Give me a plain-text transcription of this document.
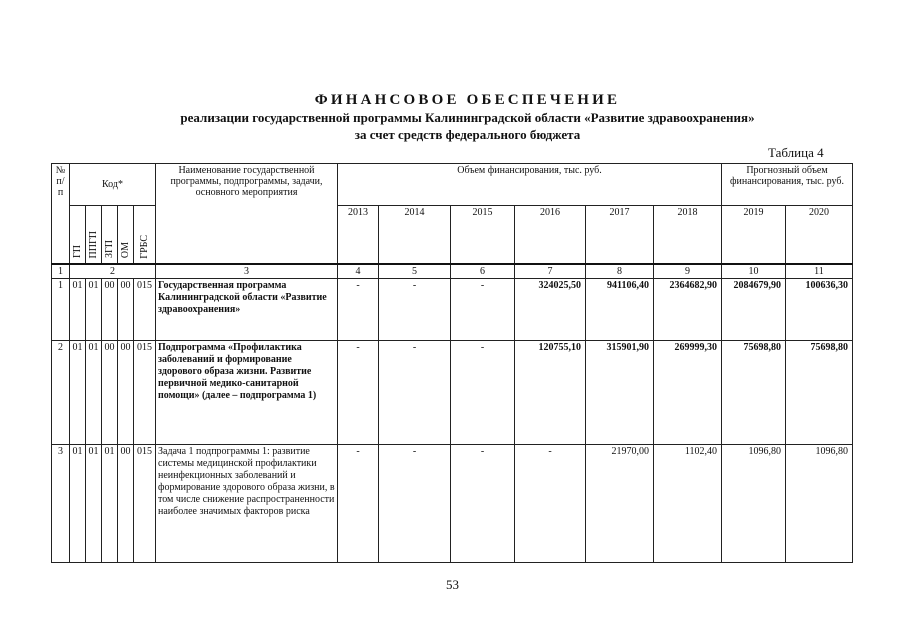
ФИНАНСОВОЕ ОБЕСПЕЧЕНИЕ
реализации государственной программы Калининградской области «Развитие здравоохранения»
за счет средств федерального бюджета
Таблица 4
№ п/п	Код*					Наименование государственной программы, подпрограммы, задачи, основного мероприятия	Объем финансирования, тыс. руб.						Прогнозный объем финансирования, тыс. руб.	
	ГП	ППГП	ЗГП	ОМ	ГРБС		2013	2014	2015	2016	2017	2018	2019	2020
1	2					3	4	5	6	7	8	9	10	11
1	01	01	00	00	015	Государственная программа Калининградской области «Развитие здравоохранения»	-	-	-	324025,50	941106,40	2364682,90	2084679,90	100636,30
2	01	01	00	00	015	Подпрограмма «Профилактика заболеваний и формирование здорового образа жизни. Развитие первичной медико-санитарной помощи» (далее – подпрограмма 1)	-	-	-	120755,10	315901,90	269999,30	75698,80	75698,80
3	01	01	01	00	015	Задача 1 подпрограммы 1: развитие системы медицинской профилактики неинфекционных заболеваний и формирование здорового образа жизни, в том числе снижение распространенности наиболее значимых факторов риска	-	-	-	-	21970,00	1102,40	1096,80	1096,80
53
